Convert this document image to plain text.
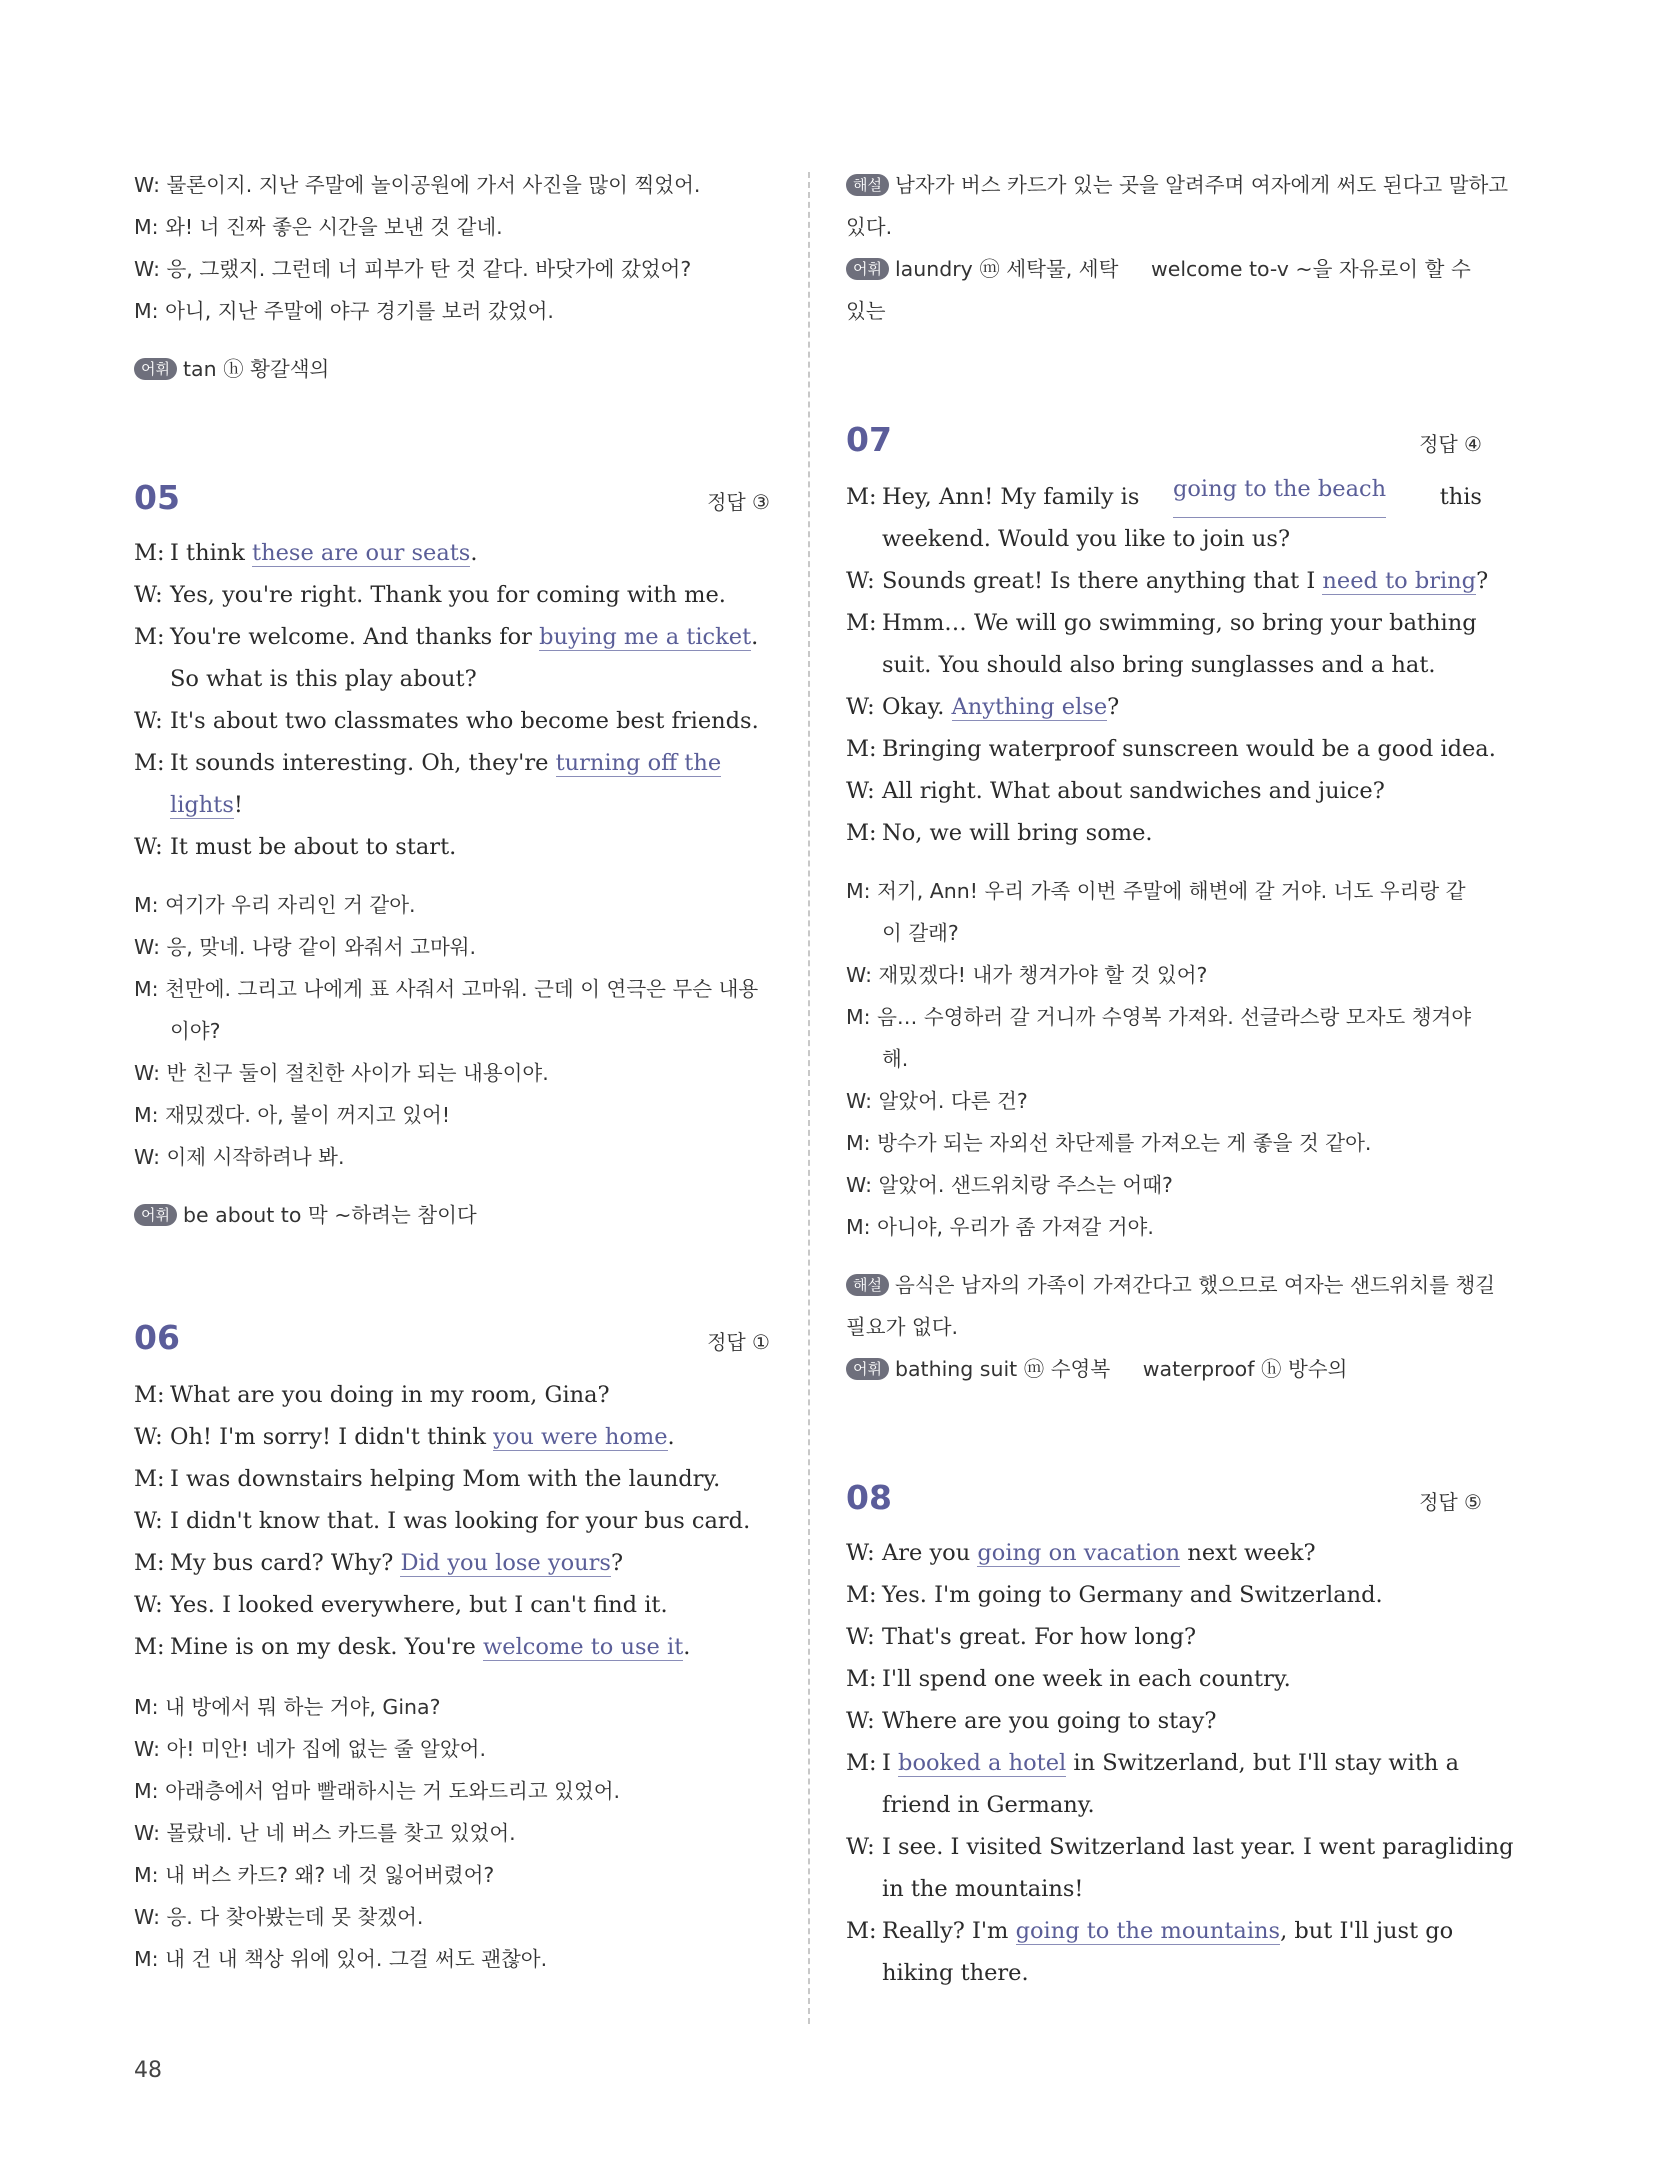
W: 물론이지. 지난 주말에 놀이공원에 가서 사진을 많이 찍었어.
M: 와! 너 진짜 좋은 시간을 보낸 것 같네.
W: 응, 그랬지. 그런데 너 피부가 탄 것 같다. 바닷가에 갔었어?
M: 아니, 지난 주말에 야구 경기를 보러 갔었어.
어휘 tan ⓗ 황갈색의
05	정답 ③
M: I think these are our seats.
W: Yes, you're right. Thank you for coming with me.
M: You're welcome. And thanks for buying me a ticket.
So what is this play about?
W: It's about two classmates who become best friends.
M: It sounds interesting. Oh, they're turning off the
lights!
W: It must be about to start.
M: 여기가 우리 자리인 거 같아.
W: 응, 맞네. 나랑 같이 와줘서 고마워.
M: 천만에. 그리고 나에게 표 사줘서 고마워. 근데 이 연극은 무슨 내용
이야?
W: 반 친구 둘이 절친한 사이가 되는 내용이야.
M: 재밌겠다. 아, 불이 꺼지고 있어!
W: 이제 시작하려나 봐.
어휘 be about to 막 ~하려는 참이다
06	정답 ①
M: What are you doing in my room, Gina?
W: Oh! I'm sorry! I didn't think you were home.
M: I was downstairs helping Mom with the laundry.
W: I didn't know that. I was looking for your bus card.
M: My bus card? Why? Did you lose yours?
W: Yes. I looked everywhere, but I can't find it.
M: Mine is on my desk. You're welcome to use it.
M: 내 방에서 뭐 하는 거야, Gina?
W: 아! 미안! 네가 집에 없는 줄 알았어.
M: 아래층에서 엄마 빨래하시는 거 도와드리고 있었어.
W: 몰랐네. 난 네 버스 카드를 찾고 있었어.
M: 내 버스 카드? 왜? 네 것 잃어버렸어?
W: 응. 다 찾아봤는데 못 찾겠어.
M: 내 건 내 책상 위에 있어. 그걸 써도 괜찮아.
해설 남자가 버스 카드가 있는 곳을 알려주며 여자에게 써도 된다고 말하고
있다.
어휘 laundry ⓜ 세탁물, 세탁     welcome to-v ~을 자유로이 할 수
있는
07	정답 ④
M: Hey, Ann! My family is going to the beach this
weekend. Would you like to join us?
W: Sounds great! Is there anything that I need to bring?
M: Hmm… We will go swimming, so bring your bathing
suit. You should also bring sunglasses and a hat.
W: Okay. Anything else?
M: Bringing waterproof sunscreen would be a good idea.
W: All right. What about sandwiches and juice?
M: No, we will bring some.
M: 저기, Ann! 우리 가족 이번 주말에 해변에 갈 거야. 너도 우리랑 같
이 갈래?
W: 재밌겠다! 내가 챙겨가야 할 것 있어?
M: 음… 수영하러 갈 거니까 수영복 가져와. 선글라스랑 모자도 챙겨야
해.
W: 알았어. 다른 건?
M: 방수가 되는 자외선 차단제를 가져오는 게 좋을 것 같아.
W: 알았어. 샌드위치랑 주스는 어때?
M: 아니야, 우리가 좀 가져갈 거야.
해설 음식은 남자의 가족이 가져간다고 했으므로 여자는 샌드위치를 챙길
필요가 없다.
어휘 bathing suit ⓜ 수영복     waterproof ⓗ 방수의
08	정답 ⑤
W: Are you going on vacation next week?
M: Yes. I'm going to Germany and Switzerland.
W: That's great. For how long?
M: I'll spend one week in each country.
W: Where are you going to stay?
M: I booked a hotel in Switzerland, but I'll stay with a
friend in Germany.
W: I see. I visited Switzerland last year. I went paragliding
in the mountains!
M: Really? I'm going to the mountains, but I'll just go
hiking there.
48
